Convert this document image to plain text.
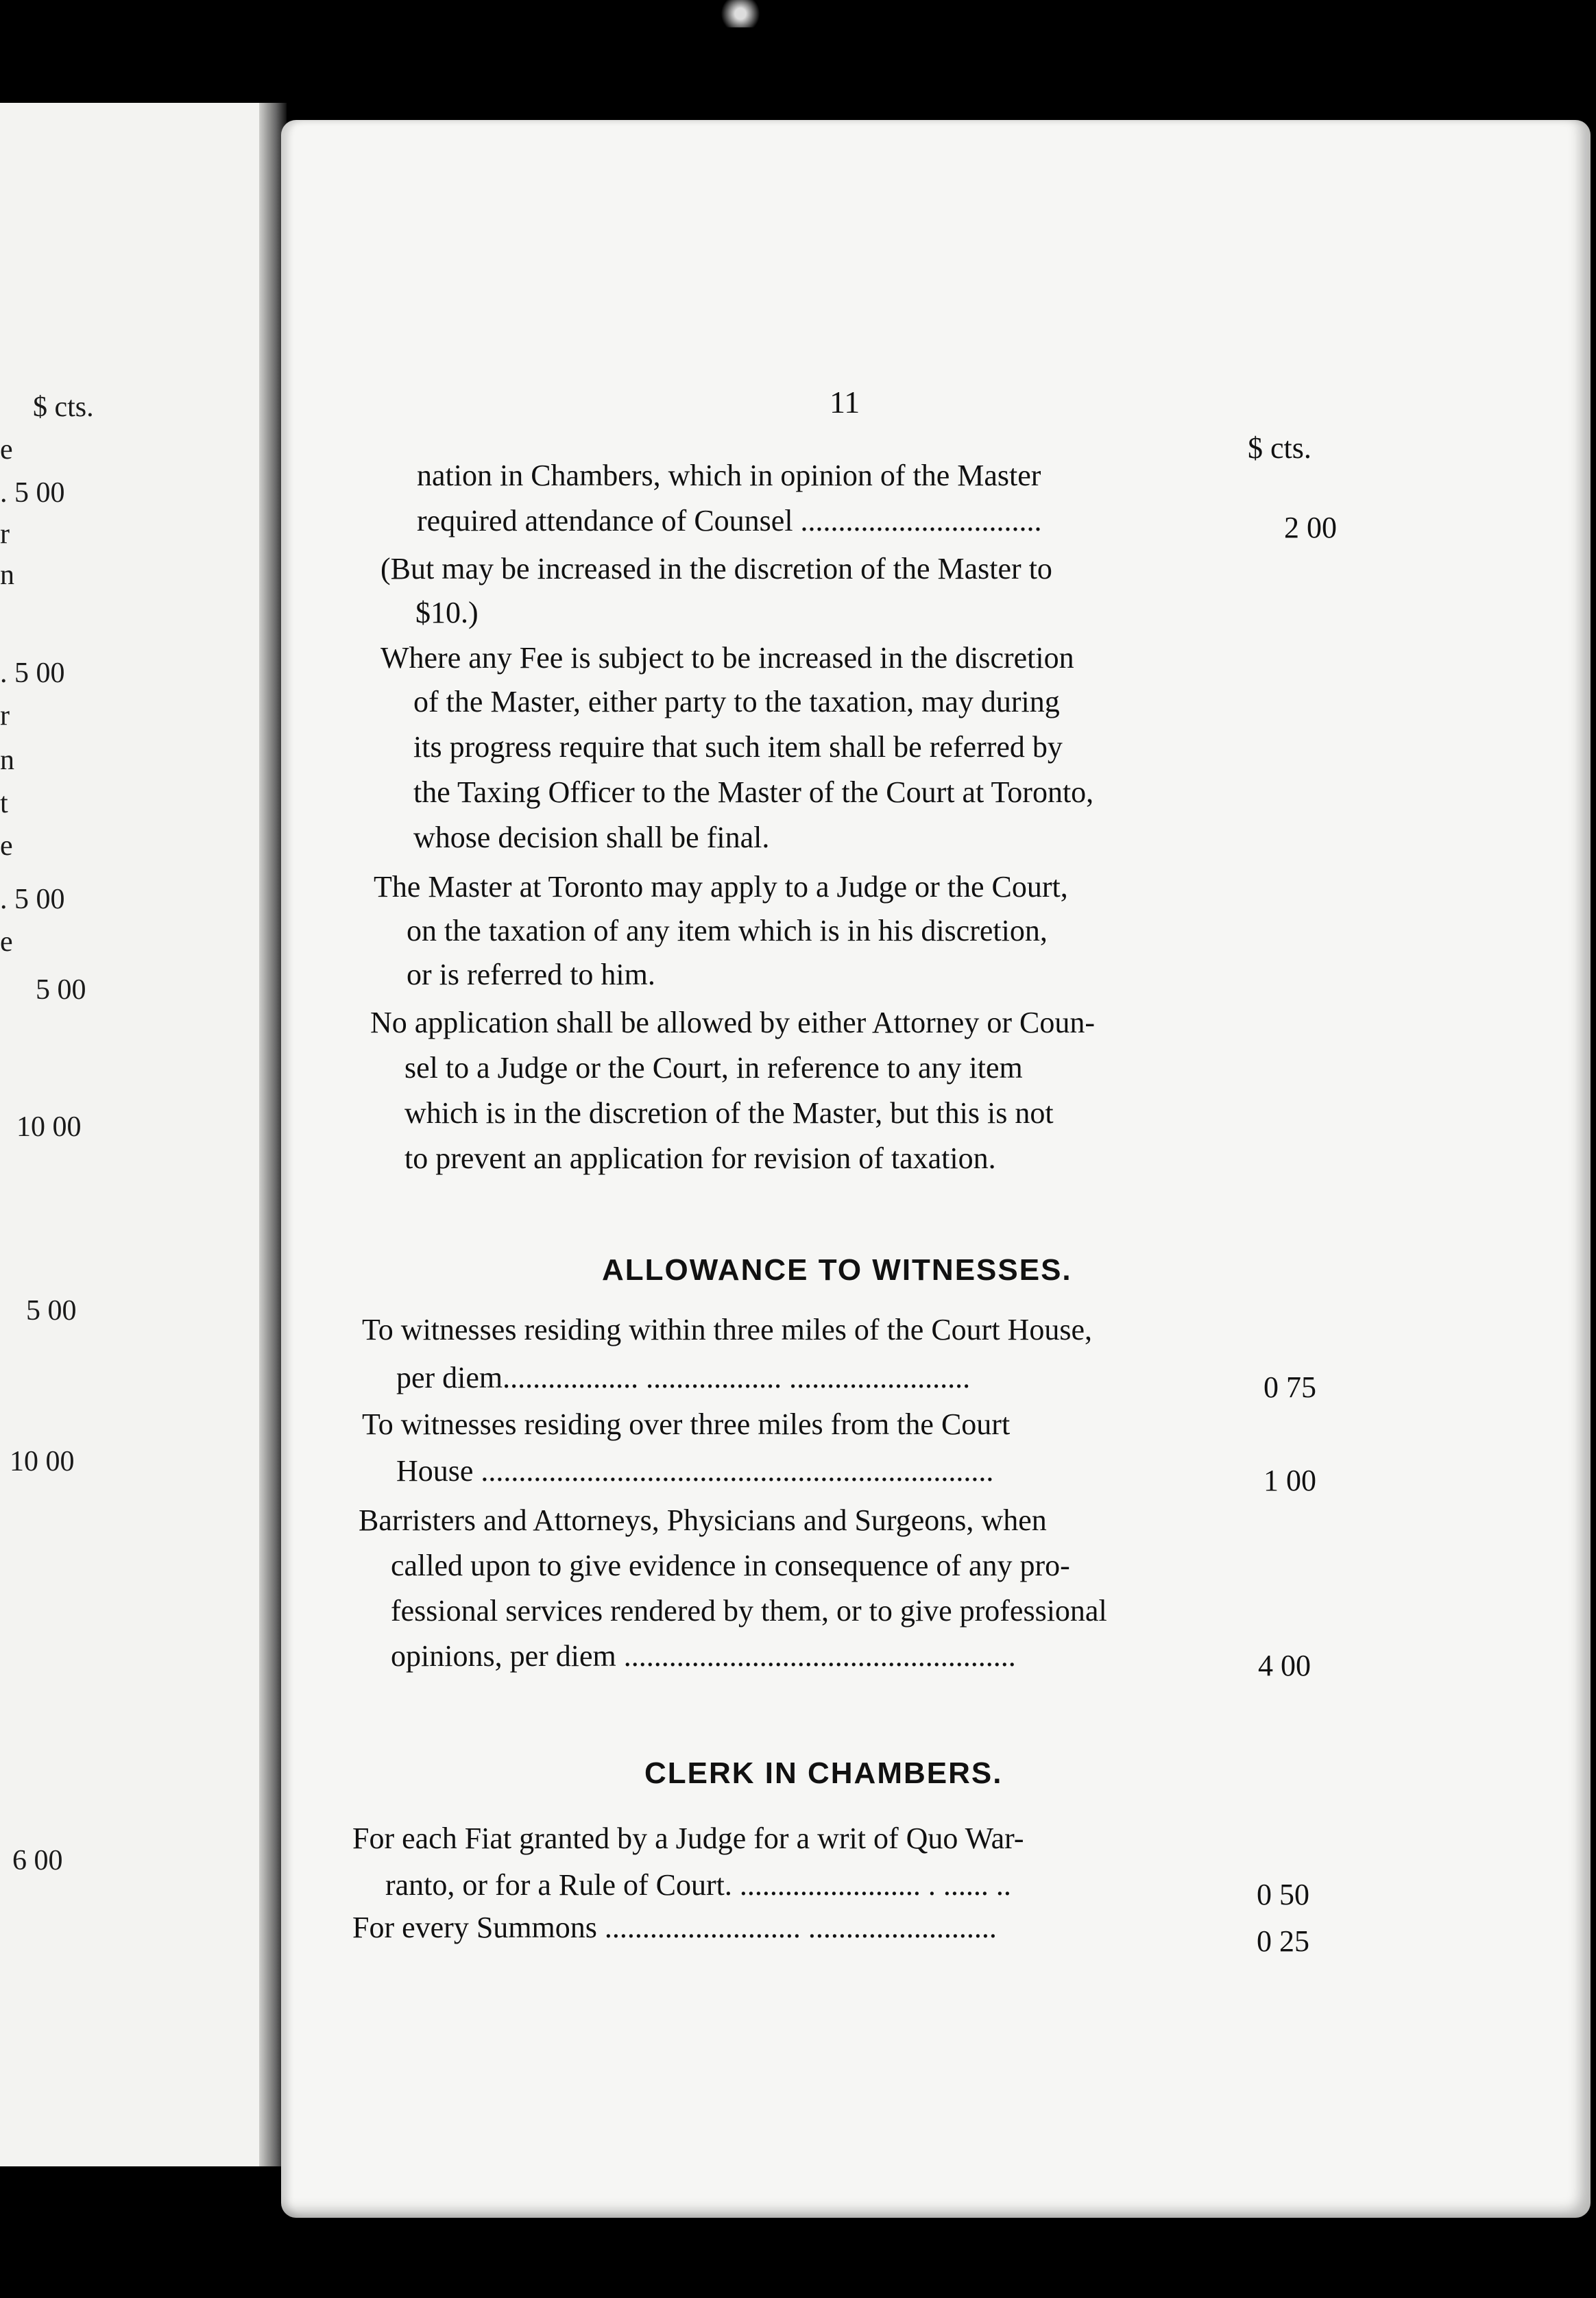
$ cts.
e
. 5 00
r
n
. 5 00
r
n
t
e
. 5 00
e
5 00
10 00
5 00
10 00
6 00
11
$ cts.
nation in Chambers, which in opinion of the Master
required attendance of Counsel ................................	2 00
(But may be increased in the discretion of the Master to
$10.)
Where any Fee is subject to be increased in the discretion
of the Master, either party to the taxation, may during
its progress require that such item shall be referred by
the Taxing Officer to the Master of the Court at Toronto,
whose decision shall be final.
The Master at Toronto may apply to a Judge or the Court,
on the taxation of any item which is in his discretion,
or is referred to him.
No application shall be allowed by either Attorney or Coun-
sel to a Judge or the Court, in reference to any item
which is in the discretion of the Master, but this is not
to prevent an application for revision of taxation.
ALLOWANCE TO WITNESSES.
To witnesses residing within three miles of the Court House,
per diem.................. .................. ........................	0 75
To witnesses residing over three miles from the Court
House ....................................................................	1 00
Barristers and Attorneys, Physicians and Surgeons, when
called upon to give evidence in consequence of any pro-
fessional services rendered by them, or to give professional
opinions, per diem ....................................................	4 00
CLERK IN CHAMBERS.
For each Fiat granted by a Judge for a writ of Quo War-
ranto, or for a Rule of Court. ........................ . ...... ..	0 50
For every Summons .......................... .........................	0 25
